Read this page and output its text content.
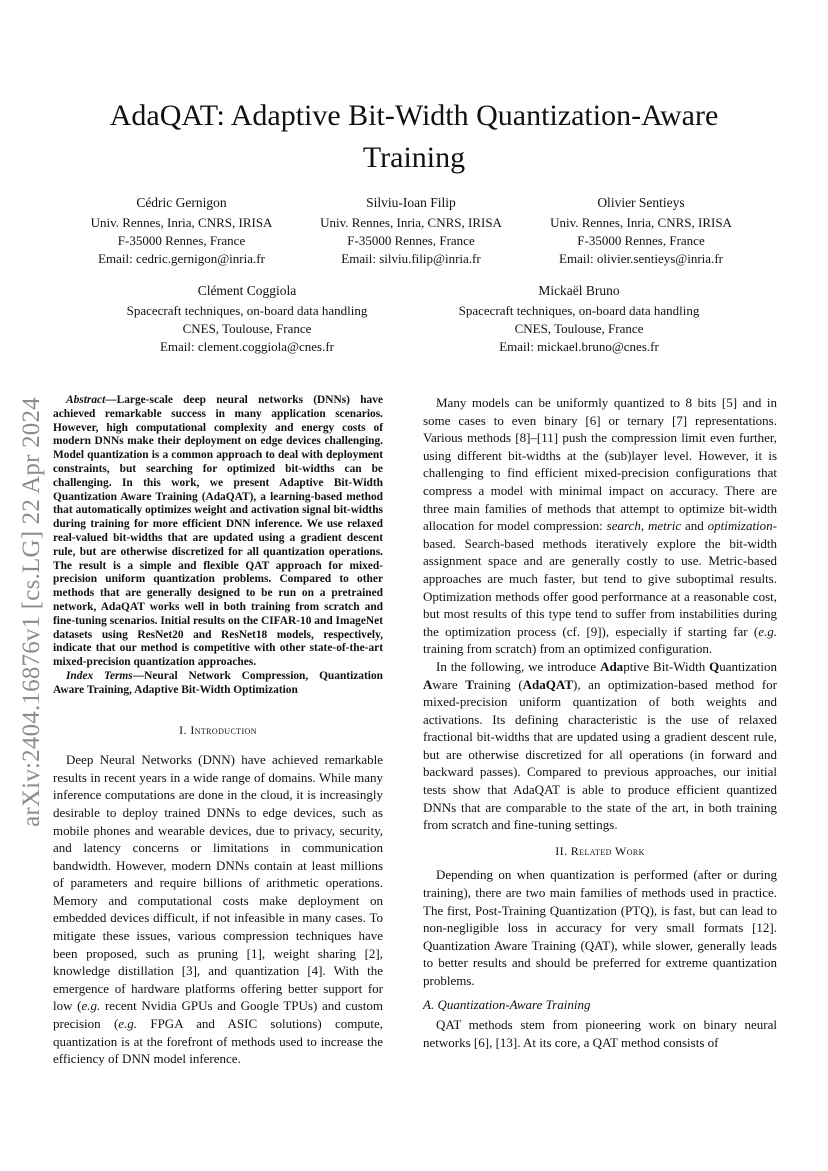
arXiv:2404.16876v1 [cs.LG] 22 Apr 2024
AdaQAT: Adaptive Bit-Width Quantization-Aware Training
Cédric Gernigon
Univ. Rennes, Inria, CNRS, IRISA
F-35000 Rennes, France
Email: cedric.gernigon@inria.fr
Silviu-Ioan Filip
Univ. Rennes, Inria, CNRS, IRISA
F-35000 Rennes, France
Email: silviu.filip@inria.fr
Olivier Sentieys
Univ. Rennes, Inria, CNRS, IRISA
F-35000 Rennes, France
Email: olivier.sentieys@inria.fr
Clément Coggiola
Spacecraft techniques, on-board data handling
CNES, Toulouse, France
Email: clement.coggiola@cnes.fr
Mickaël Bruno
Spacecraft techniques, on-board data handling
CNES, Toulouse, France
Email: mickael.bruno@cnes.fr

Abstract—Large-scale deep neural networks (DNNs) have achieved remarkable success in many application scenarios. However, high computational complexity and energy costs of modern DNNs make their deployment on edge devices challenging. Model quantization is a common approach to deal with deployment constraints, but searching for optimized bit-widths can be challenging. In this work, we present Adaptive Bit-Width Quantization Aware Training (AdaQAT), a learning-based method that automatically optimizes weight and activation signal bit-widths during training for more efficient DNN inference. We use relaxed real-valued bit-widths that are updated using a gradient descent rule, but are otherwise discretized for all quantization operations. The result is a simple and flexible QAT approach for mixed-precision uniform quantization problems. Compared to other methods that are generally designed to be run on a pretrained network, AdaQAT works well in both training from scratch and fine-tuning scenarios. Initial results on the CIFAR-10 and ImageNet datasets using ResNet20 and ResNet18 models, respectively, indicate that our method is competitive with other state-of-the-art mixed-precision quantization approaches.

Index Terms—Neural Network Compression, Quantization Aware Training, Adaptive Bit-Width Optimization

I. Introduction

Deep Neural Networks (DNN) have achieved remarkable results in recent years in a wide range of domains. While many inference computations are done in the cloud, it is increasingly desirable to deploy trained DNNs to edge devices, such as mobile phones and wearable devices, due to privacy, security, and latency concerns or limitations in communication bandwidth. However, modern DNNs contain at least millions of parameters and require billions of arithmetic operations. Memory and computational costs make deployment on embedded devices difficult, if not infeasible in many cases. To mitigate these issues, various compression techniques have been proposed, such as pruning [1], weight sharing [2], knowledge distillation [3], and quantization [4]. With the emergence of hardware platforms offering better support for low (e.g. recent Nvidia GPUs and Google TPUs) and custom precision (e.g. FPGA and ASIC solutions) compute, quantization is at the forefront of methods used to increase the efficiency of DNN model inference.

Many models can be uniformly quantized to 8 bits [5] and in some cases to even binary [6] or ternary [7] representations. Various methods [8]–[11] push the compression limit even further, using different bit-widths at the (sub)layer level. However, it is challenging to find efficient mixed-precision configurations that compress a model with minimal impact on accuracy. There are three main families of methods that attempt to optimize bit-width allocation for model compression: search, metric and optimization-based. Search-based methods iteratively explore the bit-width assignment space and are generally costly to use. Metric-based approaches are much faster, but tend to give suboptimal results. Optimization methods offer good performance at a reasonable cost, but most results of this type tend to suffer from instabilities during the optimization process (cf. [9]), especially if starting far (e.g. training from scratch) from an optimized configuration.

In the following, we introduce Adaptive Bit-Width Quantization Aware Training (AdaQAT), an optimization-based method for mixed-precision uniform quantization of both weights and activations. Its defining characteristic is the use of relaxed fractional bit-widths that are updated using a gradient descent rule, but are otherwise discretized for all operations (in forward and backward passes). Compared to previous approaches, our initial tests show that AdaQAT is able to produce efficient quantized DNNs that are comparable to the state of the art, in both training from scratch and fine-tuning settings.

II. Related Work

Depending on when quantization is performed (after or during training), there are two main families of methods used in practice. The first, Post-Training Quantization (PTQ), is fast, but can lead to non-negligible loss in accuracy for very small formats [12]. Quantization Aware Training (QAT), while slower, generally leads to better results and should be preferred for extreme quantization problems.

A. Quantization-Aware Training

QAT methods stem from pioneering work on binary neural networks [6], [13]. At its core, a QAT method consists of
